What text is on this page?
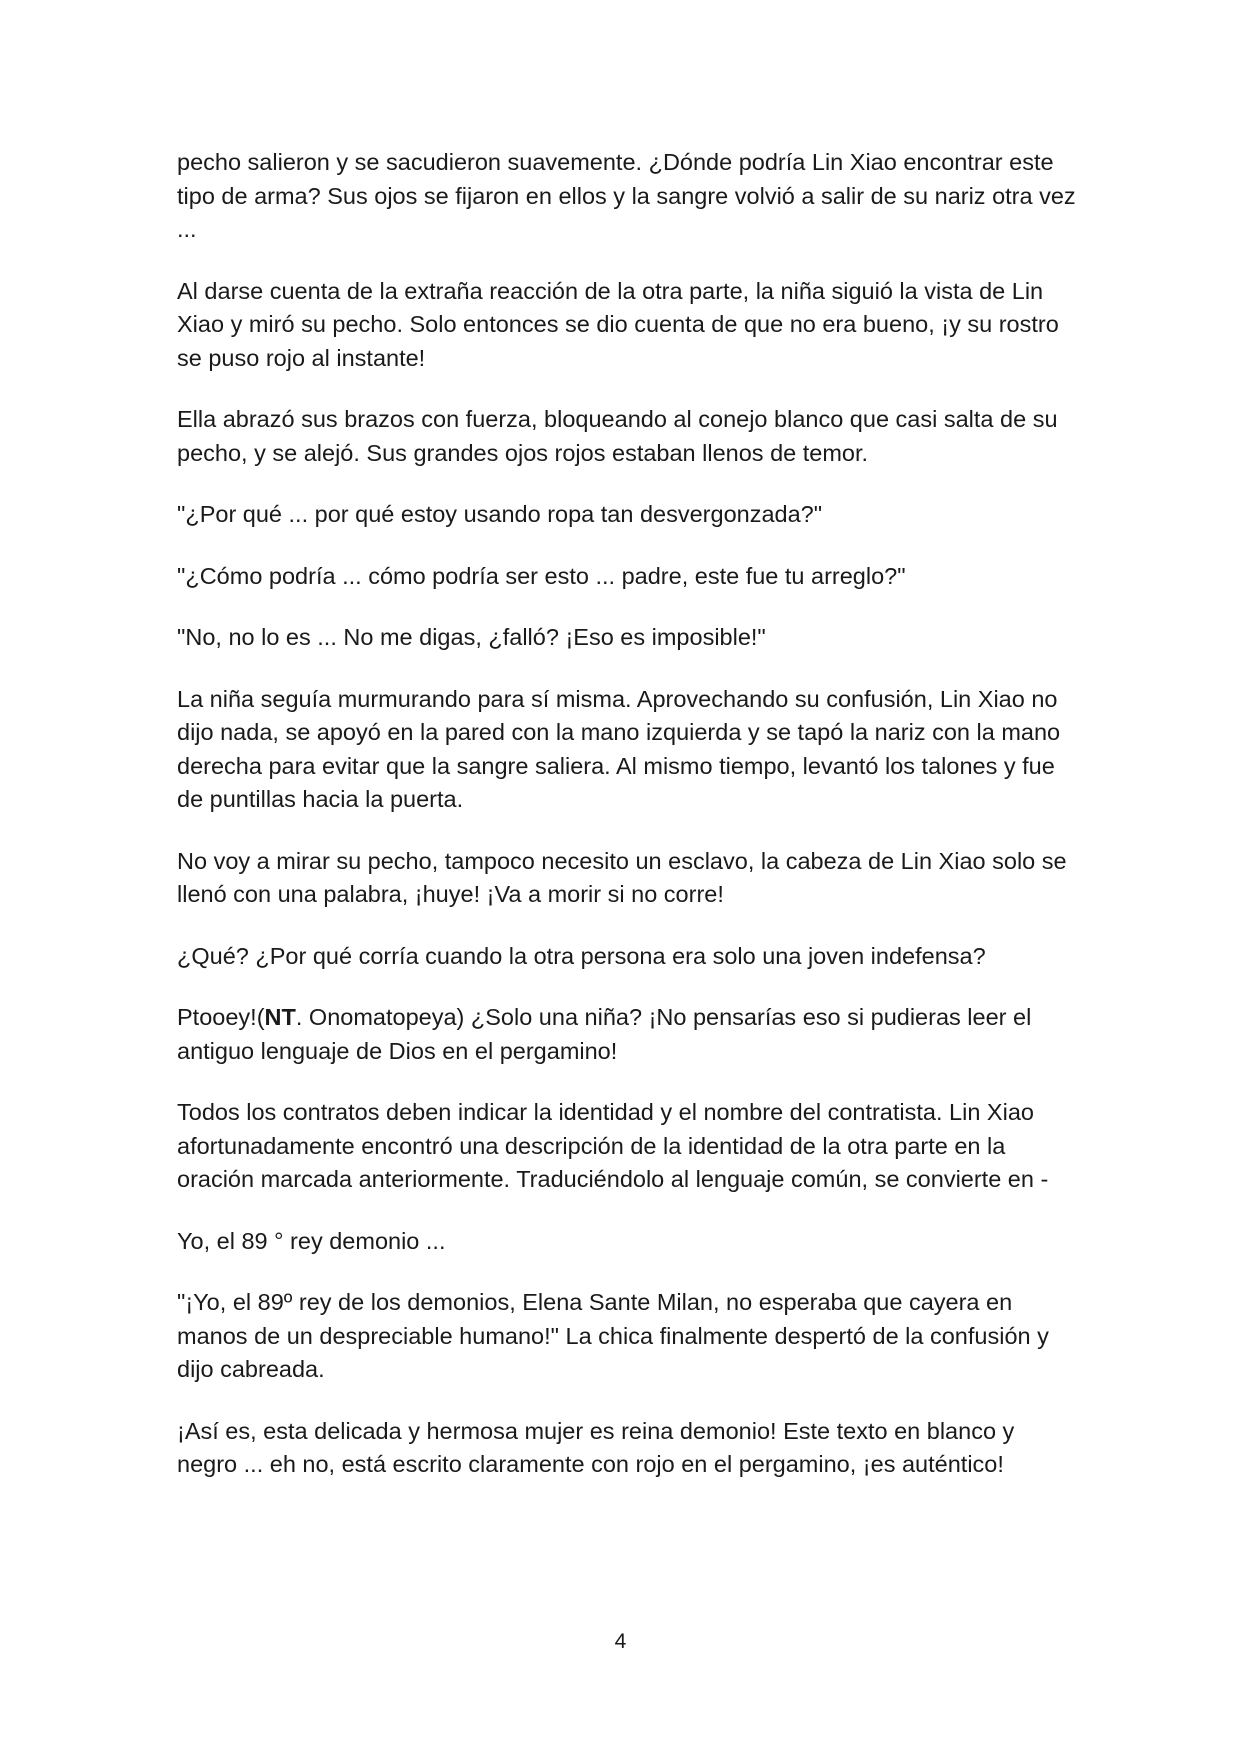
pecho salieron y se sacudieron suavemente. ¿Dónde podría Lin Xiao encontrar este tipo de arma? Sus ojos se fijaron en ellos y la sangre volvió a salir de su nariz otra vez ...

Al darse cuenta de la extraña reacción de la otra parte, la niña siguió la vista de Lin Xiao y miró su pecho. Solo entonces se dio cuenta de que no era bueno, ¡y su rostro se puso rojo al instante!

Ella abrazó sus brazos con fuerza, bloqueando al conejo blanco que casi salta de su pecho, y se alejó. Sus grandes ojos rojos estaban llenos de temor.

"¿Por qué ... por qué estoy usando ropa tan desvergonzada?"

"¿Cómo podría ... cómo podría ser esto ... padre, este fue tu arreglo?"

"No, no lo es ... No me digas, ¿falló? ¡Eso es imposible!"

La niña seguía murmurando para sí misma. Aprovechando su confusión, Lin Xiao no dijo nada, se apoyó en la pared con la mano izquierda y se tapó la nariz con la mano derecha para evitar que la sangre saliera. Al mismo tiempo, levantó los talones y fue de puntillas hacia la puerta.

No voy a mirar su pecho, tampoco necesito un esclavo, la cabeza de Lin Xiao solo se llenó con una palabra, ¡huye! ¡Va a morir si no corre!

¿Qué? ¿Por qué corría cuando la otra persona era solo una joven indefensa?

Ptooey!(NT. Onomatopeya) ¿Solo una niña? ¡No pensarías eso si pudieras leer el antiguo lenguaje de Dios en el pergamino!

Todos los contratos deben indicar la identidad y el nombre del contratista. Lin Xiao afortunadamente encontró una descripción de la identidad de la otra parte en la oración marcada anteriormente. Traduciéndolo al lenguaje común, se convierte en -

Yo, el 89 ° rey demonio ...

"¡Yo, el 89º rey de los demonios, Elena Sante Milan, no esperaba que cayera en manos de un despreciable humano!" La chica finalmente despertó de la confusión y dijo cabreada.

¡Así es, esta delicada y hermosa mujer es reina demonio! Este texto en blanco y negro ... eh no, está escrito claramente con rojo en el pergamino, ¡es auténtico!

4
